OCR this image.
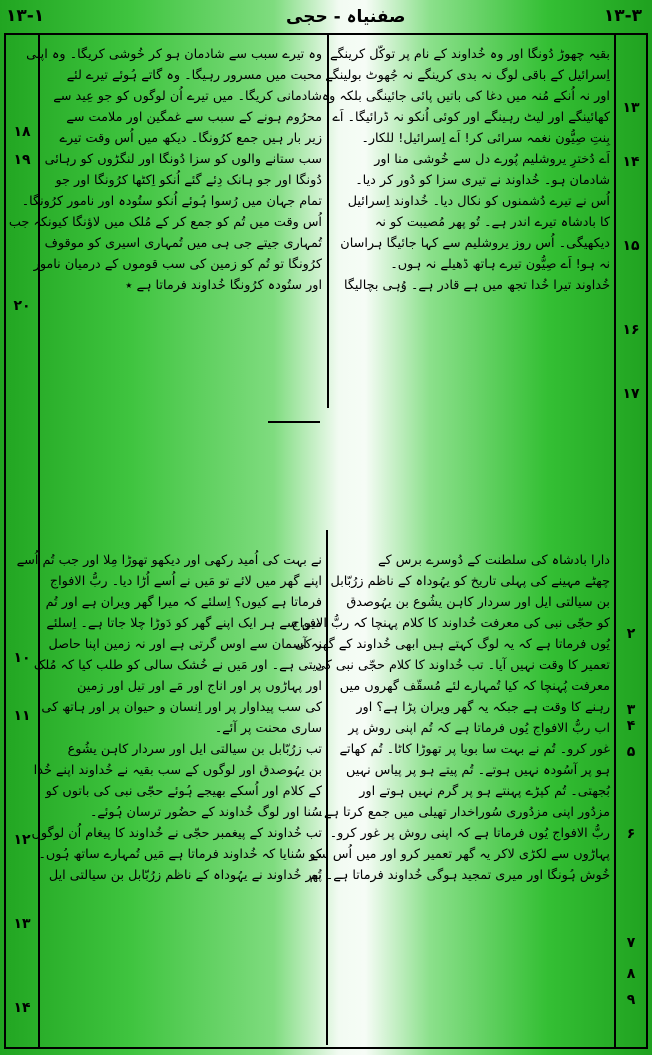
۱۳-۱	صفنیاہ - حجی	۱۳-۳

بقیہ چھوڑ دُونگا اور وہ خُداوند کے نام پر توکّل کرینگے

اِسرائیل کے باقی لوگ نہ بدی کرینگے نہ جُھوٹ بولینگے

اور نہ اُنکے مُنہ میں دغا کی باتیں پائی جائینگی بلکہ وہ

کھائینگے اور لیٹ رہینگے اور کوئی اُنکو نہ ڈرائیگا۔ اَے

بِنتِ صِیُّون نغمہ سرائی کر! اَے اِسرائیل! للکار۔

اَے دُخترِ یروشلیم پُورے دل سے خُوشی منا اور

شادمان ہو۔ خُداوند نے تیری سزا کو دُور کر دیا۔

اُس نے تیرے دُشمنوں کو نکال دیا۔ خُداوند اِسرائیل

کا بادشاہ تیرے اندر ہے۔ تُو پھر مُصیبت کو نہ

دیکھیگی۔ اُس روز یروشلیم سے کہا جائیگا ہراسان

نہ ہو! اَے صِیُّون تیرے ہاتھ ڈھیلے نہ ہوں۔

خُداوند تیرا خُدا تجھ میں ہے قادر ہے۔ وُہی بچالیگا

وہ تیرے سبب سے شادمان ہو کر خُوشی کریگا۔ وہ اپنی

محبت میں مسرور رہیگا۔ وہ گاتے ہُوئے تیرے لئے

شادمانی کریگا۔ میں تیرے اُن لوگوں کو جو عِید سے

محرُوم ہونے کے سبب سے غمگین اور ملامت سے

زیر بار ہیں جمع کرُونگا۔ دیکھ میں اُس وقت تیرے

سب ستانے والوں کو سزا دُونگا اور لنگڑوں کو رہائی

دُونگا اور جو ہانک دِئے گئے اُنکو اِکٹھا کرُونگا اور جو

تمام جہان میں رُسوا ہُوئے اُنکو ستُودہ اور نامور کرُونگا۔

اُس وقت میں تُم کو جمع کر کے مُلک میں لاؤنگا کیونکہ جب

تُمہاری جیتے جی ہی میں تُمہاری اسیری کو موقوف

کرُونگا تو تُم کو زمین کی سب قوموں کے درمیان نامور

اور ستُودہ کرُونگا خُداوند فرماتا ہے ٭

۱۳
۱۴
۱۵
۱۶
۱۷
۱۸
۱۹
۲۰

دارا بادشاہ کی سلطنت کے دُوسرے برس کے

چھٹے مہینے کی پہلی تاریخ کو یہُوداہ کے ناظم زرُبّابل

بن سیالتی ایل اور سردار کاہن یشُوع بن یہُوصدق

کو حجّی نبی کی معرفت خُداوند کا کلام پہنچا کہ ربُّ الافواج

یُوں فرماتا ہے کہ یہ لوگ کہتے ہیں ابھی خُداوند کے گھر کی

تعمیر کا وقت نہیں آیا۔ تب خُداوند کا کلام حجّی نبی کی

معرفت پُہنچا کہ کیا تُمہارے لئے مُسقّف گھروں میں

رہنے کا وقت ہے جبکہ یہ گھر ویران پڑا ہے؟ اور

اب ربُّ الافواج یُوں فرماتا ہے کہ تُم اپنی روش پر

غور کرو۔ تُم نے بہت سا بویا پر تھوڑا کاٹا۔ تُم کھاتے

ہو پر آسُودہ نہیں ہوتے۔ تُم پیتے ہو پر پیاس نہیں

بُجھتی۔ تُم کپڑے پہنتے ہو پر گرم نہیں ہوتے اور

مزدُور اپنی مزدُوری سُوراخدار تھیلی میں جمع کرتا ہے۔

ربُّ الافواج یُوں فرماتا ہے کہ اپنی روش پر غور کرو۔

پہاڑوں سے لکڑی لاکر یہ گھر تعمیر کرو اور میں اُس سے

خُوش ہُونگا اور میری تمجید ہوگی خُداوند فرماتا ہے۔ تُم

نے بہت کی اُمید رکھی اور دیکھو تھوڑا مِلا اور جب تُم اُسے

اپنے گھر میں لائے تو مَیں نے اُسے اُڑا دیا۔ ربُّ الافواج

فرماتا ہے کیوں؟ اِسلئے کہ میرا گھر ویران ہے اور تُم

میں سے ہر ایک اپنے گھر کو دَوڑا چلا جاتا ہے۔ اِسلئے

نہ آسمان سے اوس گرتی ہے اور نہ زمین اپنا حاصل

دیتی ہے۔ اور مَیں نے خُشک سالی کو طلب کیا کہ مُلک

اور پہاڑوں پر اور اناج اور مَے اور تیل اور زمین

کی سب پیداوار پر اور اِنسان و حیوان پر اور ہاتھ کی

ساری محنت پر آئے۔

تب زرُبّابل بن سیالتی ایل اور سردار کاہن یشُوع

بن یہُوصدق اور لوگوں کے سب بقیہ نے خُداوند اپنے خُدا

کے کلام اور اُسکے بھیجے ہُوئے حجّی نبی کی باتوں کو

سُنا اور لوگ خُداوند کے حضُور ترسان ہُوئے۔

تب خُداوند کے پیغمبر حجّی نے خُداوند کا پیغام اُن لوگوں

کو سُنایا کہ خُداوند فرماتا ہے مَیں تُمہارے ساتھ ہُوں۔

پھر خُداوند نے یہُوداہ کے ناظم زرُبّابل بن سیالتی ایل

۲
۳
۴
۵
۶
۷
۸
۹
۱۰
۱۱
۱۲
۱۳
۱۴
